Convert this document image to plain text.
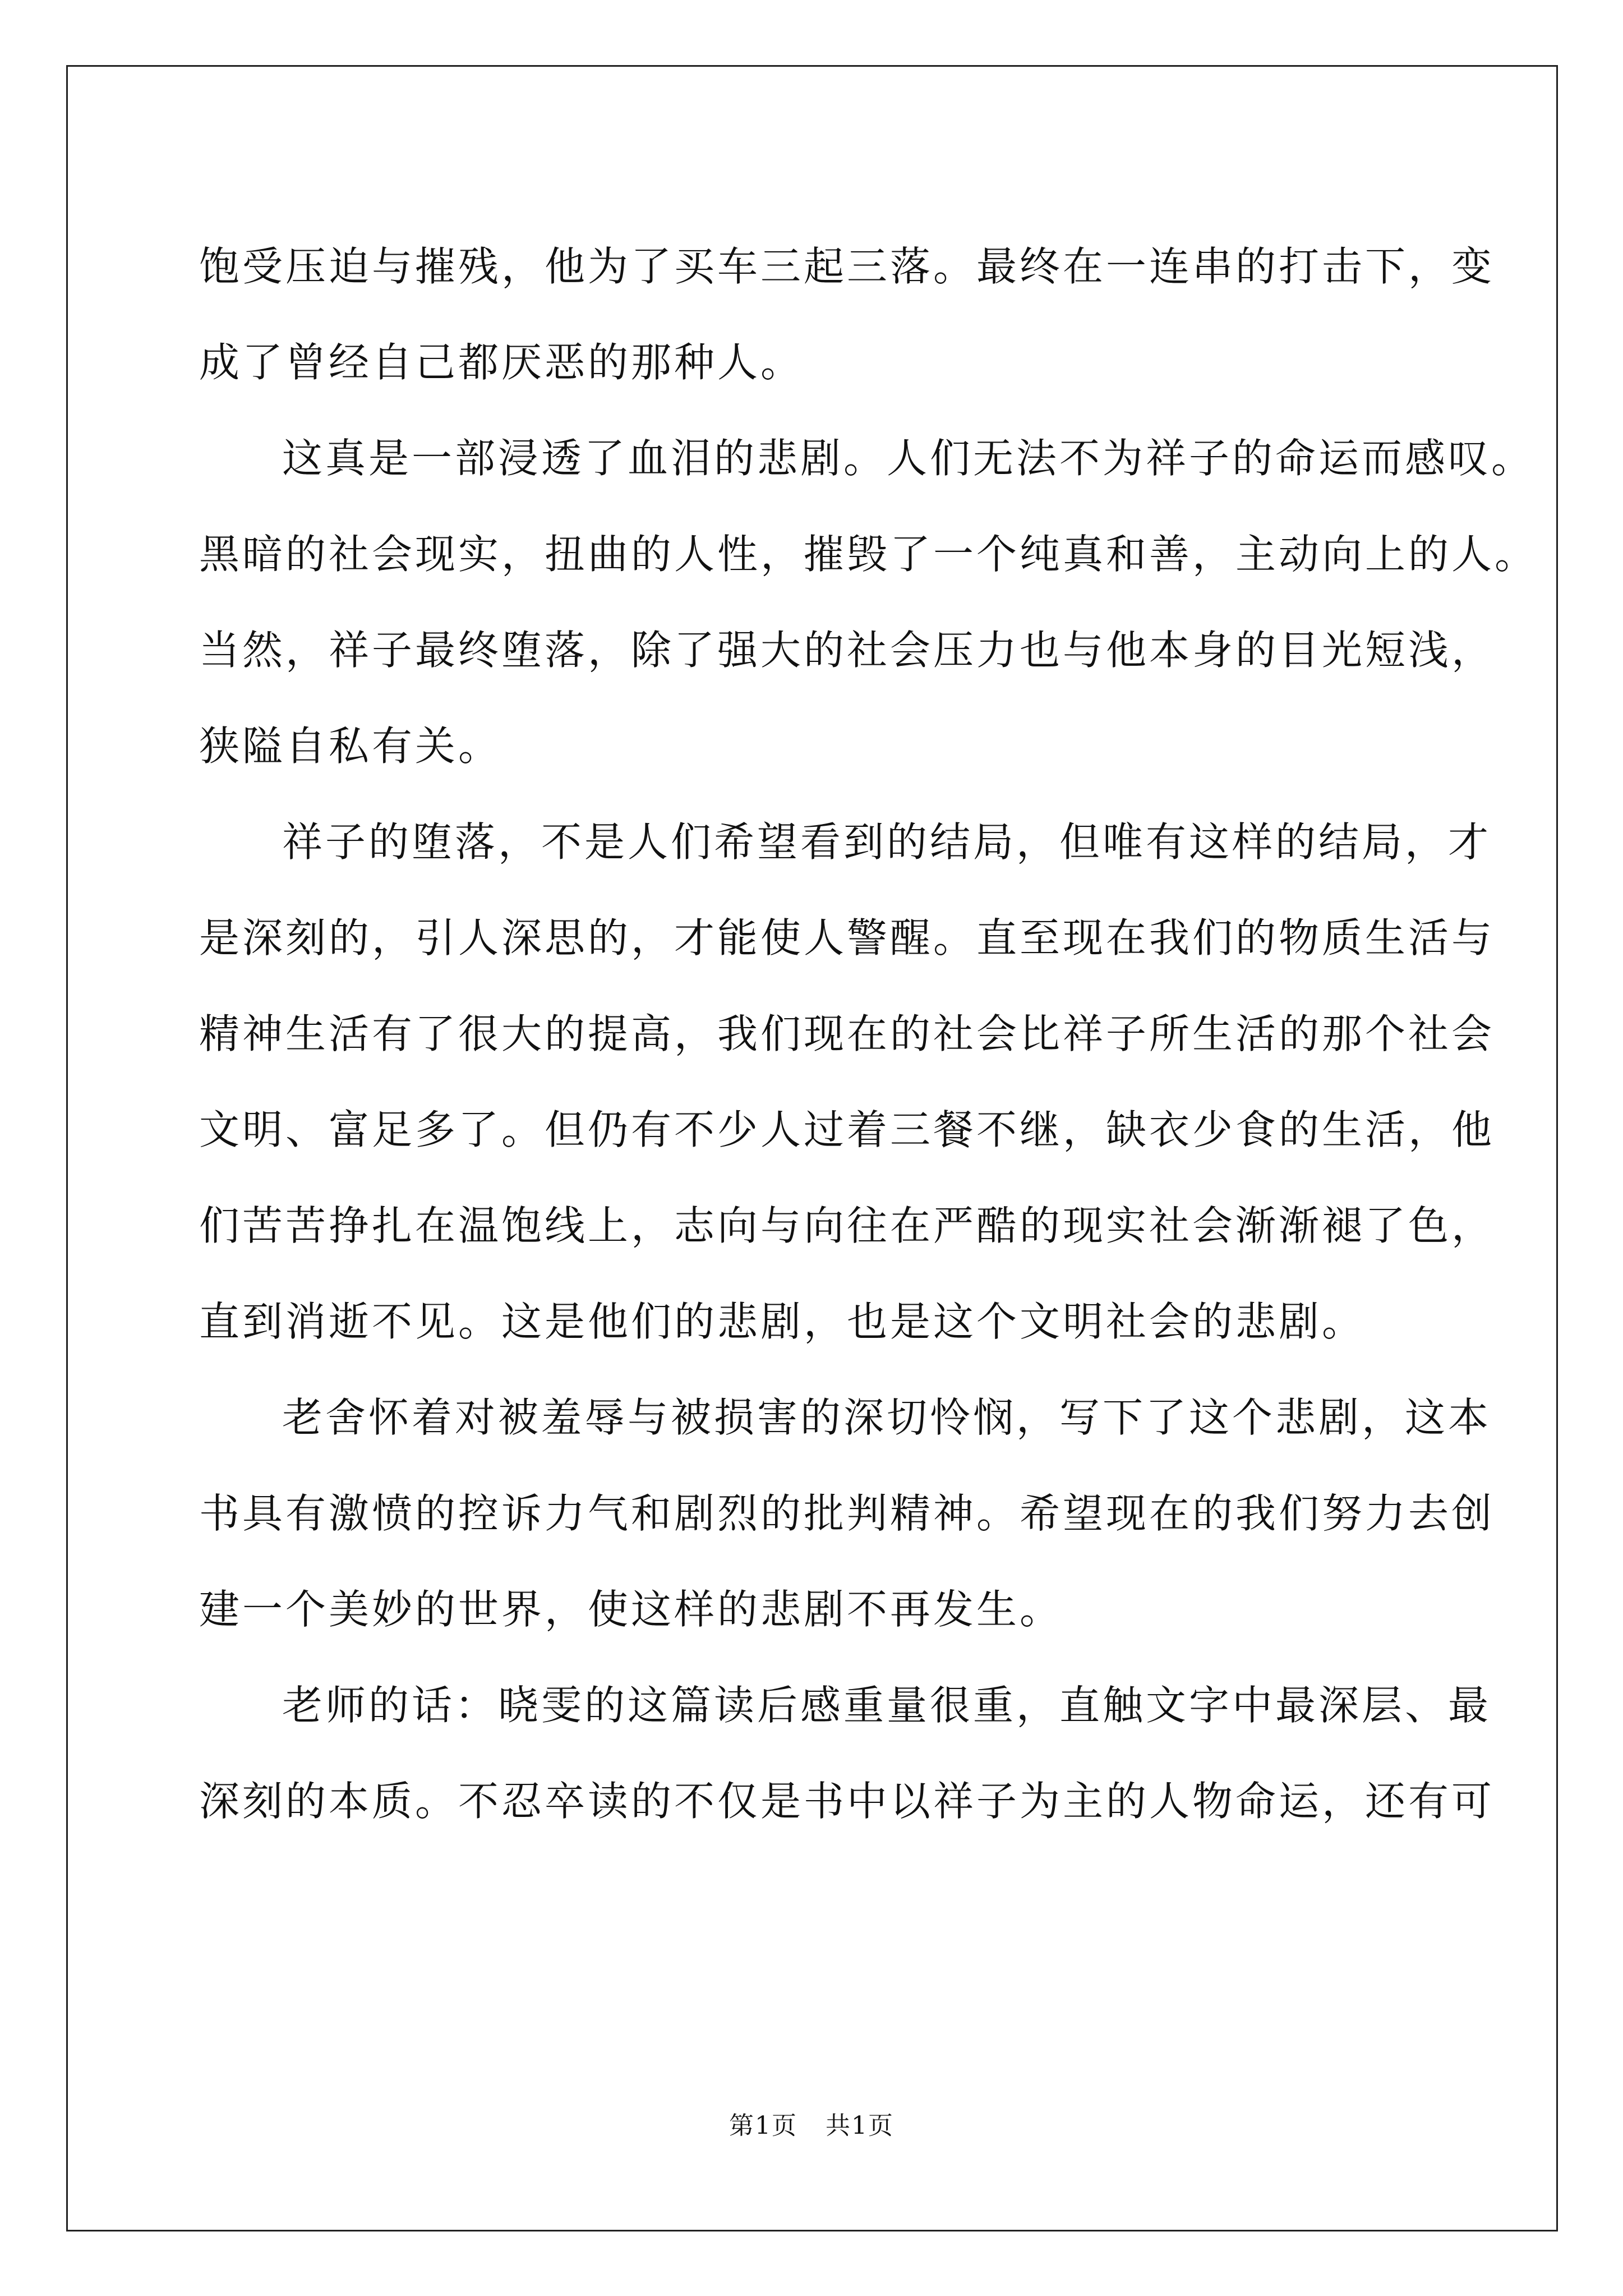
饱受压迫与摧残，他为了买车三起三落。最终在一连串的打击下，变
成了曾经自己都厌恶的那种人。
这真是一部浸透了血泪的悲剧。人们无法不为祥子的命运而感叹。
黑暗的社会现实，扭曲的人性，摧毁了一个纯真和善，主动向上的人。
当然，祥子最终堕落，除了强大的社会压力也与他本身的目光短浅，
狭隘自私有关。
祥子的堕落，不是人们希望看到的结局，但唯有这样的结局，才
是深刻的，引人深思的，才能使人警醒。直至现在我们的物质生活与
精神生活有了很大的提高，我们现在的社会比祥子所生活的那个社会
文明、富足多了。但仍有不少人过着三餐不继，缺衣少食的生活，他
们苦苦挣扎在温饱线上，志向与向往在严酷的现实社会渐渐褪了色，
直到消逝不见。这是他们的悲剧，也是这个文明社会的悲剧。
老舍怀着对被羞辱与被损害的深切怜悯，写下了这个悲剧，这本
书具有激愤的控诉力气和剧烈的批判精神。希望现在的我们努力去创
建一个美妙的世界，使这样的悲剧不再发生。
老师的话：晓雯的这篇读后感重量很重，直触文字中最深层、最
深刻的本质。不忍卒读的不仅是书中以祥子为主的人物命运，还有可
第1页 共1页
